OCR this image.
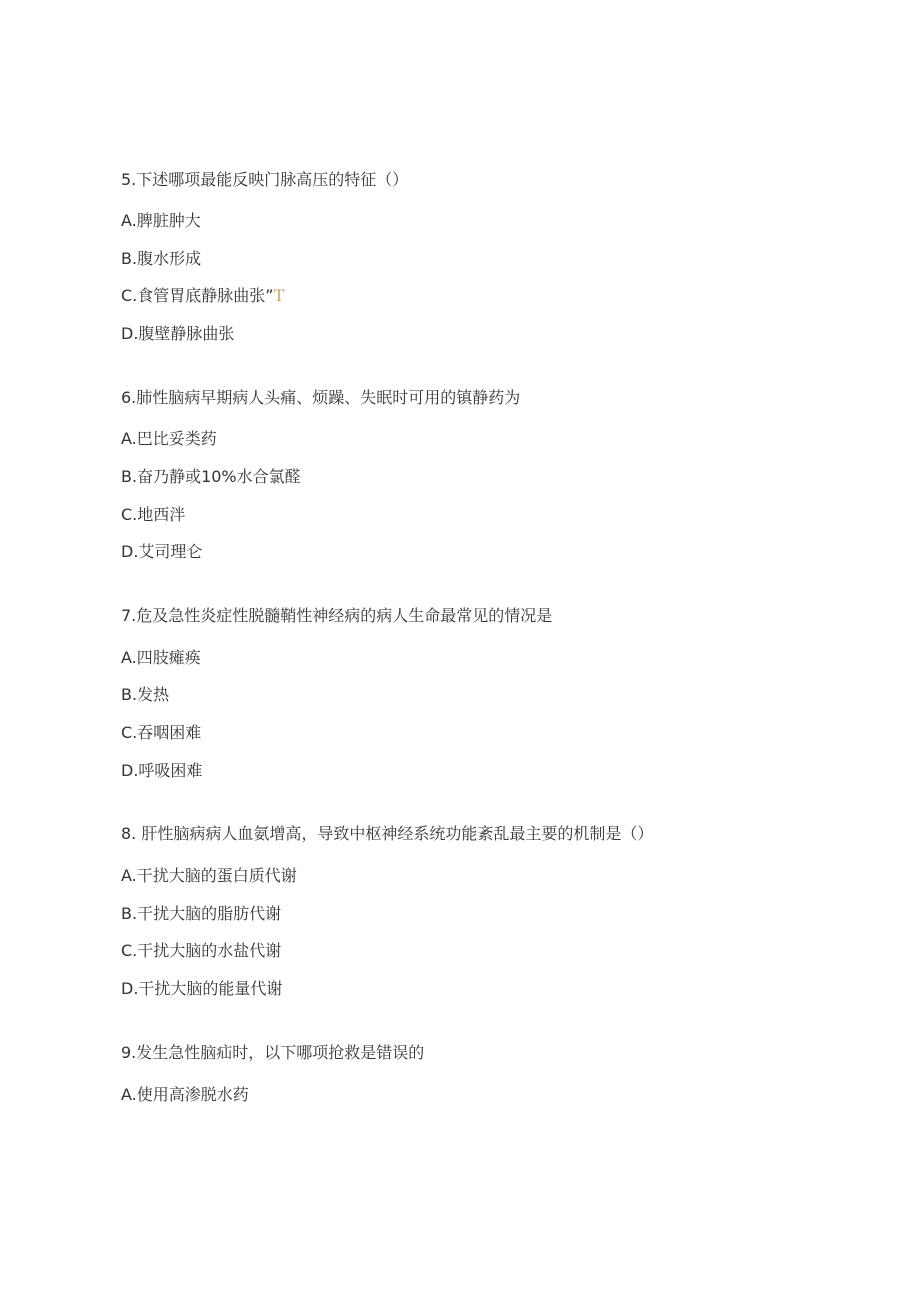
5.下述哪项最能反映门脉高压的特征（）
A.脾脏肿大
B.腹水形成
C.食管胃底静脉曲张”T
D.腹壁静脉曲张
6.肺性脑病早期病人头痛、烦躁、失眠时可用的镇静药为
A.巴比妥类药
B.奋乃静或10%水合氯醛
C.地西泮
D.艾司理仑
7.危及急性炎症性脱髓鞘性神经病的病人生命最常见的情况是
A.四肢瘫痪
B.发热
C.吞咽困难
D.呼吸困难
8. 肝性脑病病人血氨增高，导致中枢神经系统功能紊乱最主要的机制是（）
A.干扰大脑的蛋白质代谢
B.干扰大脑的脂肪代谢
C.干扰大脑的水盐代谢
D.干扰大脑的能量代谢
9.发生急性脑疝时，以下哪项抢救是错误的
A.使用高渗脱水药
